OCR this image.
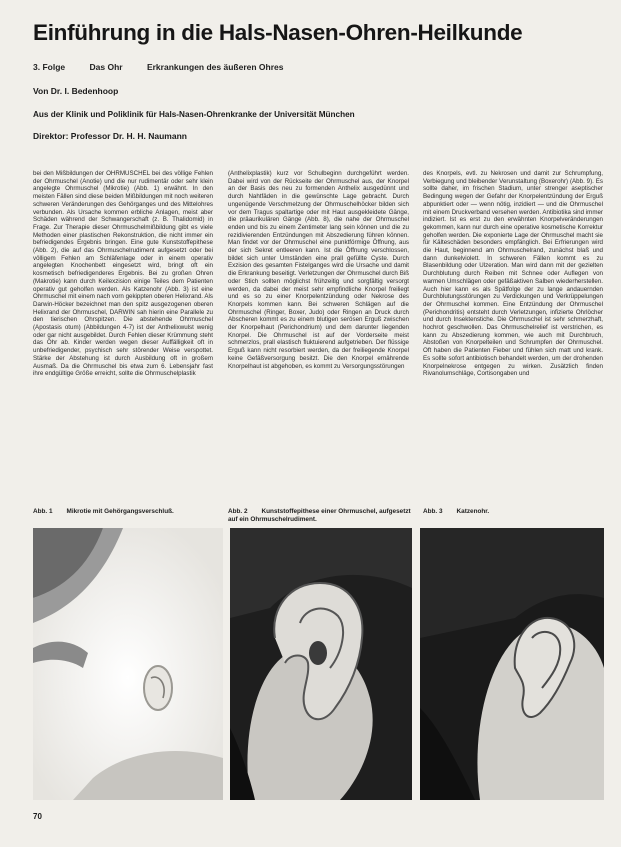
Einführung in die Hals-Nasen-Ohren-Heilkunde
3. Folge	Das Ohr	Erkrankungen des äußeren Ohres
Von Dr. I. Bedenhoop
Aus der Klinik und Poliklinik für Hals-Nasen-Ohrenkranke der Universität München
Direktor: Professor Dr. H. H. Naumann
bei den Mißbildungen der OHRMUSCHEL bei des völlige Fehlen der Ohrmuschel (Anotie) und die nur rudimentär oder sehr klein angelegte Ohrmuschel (Mikrotie) (Abb. 1) erwähnt. In den meisten Fällen sind diese beiden Mißbildungen mit noch weiteren schweren Veränderungen des Gehörganges und des Mittelohres verbunden. Als Ursache kommen erbliche Anlagen, meist aber Schäden während der Schwangerschaft (z. B. Thalidomid) in Frage. Zur Therapie dieser Ohrmuschelmißbildung gibt es viele Methoden einer plastischen Rekonstruktion, die nicht immer ein befriedigendes Ergebnis bringen. Eine gute Kunststoffepithese (Abb. 2), die auf das Ohrmuschelrudiment aufgesetzt oder bei völligem Fehlen am Schläfenlage oder in einem operativ angelegten Knochenbett eingesetzt wird, bringt oft ein kosmetisch befriedigenderes Ergebnis. Bei zu großen Ohren (Makrotie) kann durch Keilexzision einige Teiles dem Patienten operativ gut geholfen werden. Als Katzenohr (Abb. 3) ist eine Ohrmuschel mit einem nach vorn gekippten oberen Helixrand. Als Darwin-Höcker bezeichnet man den spitz ausgezogenen oberen Helixrand der Ohrmuschel, DARWIN sah hierin eine Parallele zu den tierischen Ohrspitzen. Die abstehende Ohrmuschel (Apostasis otum) (Abbildungen 4-7) ist der Anthelixwulst wenig oder gar nicht ausgebildet. Durch Fehlen dieser Krümmung steht das Ohr ab. Kinder werden wegen dieser Auffälligkeit oft in unbefriedigender, psychisch sehr störender Weise verspottet. Stärke der Abstehung ist durch Ausbildung oft in großem Ausmaß. Da die Ohrmuschel bis etwa zum 6. Lebensjahr fast ihre endgültige Größe erreicht, sollte die Ohrmuschelplastik
(Anthelixplastik) kurz vor Schulbeginn durchgeführt werden. Dabei wird von der Rückseite der Ohrmuschel aus, der Knorpel an der Basis des neu zu formenden Anthelix ausgedünnt und durch Nahtfäden in die gewünschte Lage gebracht. Durch ungenügende Verschmelzung der Ohrmuschelhöcker bilden sich vor dem Tragus spaltartige oder mit Haut ausgekleidete Gänge, die präaurikulären Gänge (Abb. 8), die nahe der Ohrmuschel enden und bis zu einem Zentimeter lang sein können und die zu rezidivierenden Entzündungen mit Abszedierung führen können. Man findet vor der Ohrmuschel eine punktförmige Öffnung, aus der sich Sekret entleeren kann. Ist die Öffnung verschlossen, bildet sich unter Umständen eine prall gefüllte Cyste. Durch Exzision des gesamten Fistelganges wird die Ursache und damit die Erkrankung beseitigt. Verletzungen der Ohrmuschel durch Biß oder Stich sollten möglichst frühzeitig und sorgfältig versorgt werden, da dabei der meist sehr empfindliche Knorpel freiliegt und es so zu einer Knorpelentzündung oder Nekrose des Knorpels kommen kann. Bei schweren Schlägen auf die Ohrmuschel (Ringer, Boxer, Judo) oder Ringen an Druck durch Abscheren kommt es zu einem blutigen serösen Erguß zwischen der Knorpelhaut (Perichondrium) und dem darunter liegenden Knorpel. Die Ohrmuschel ist auf der Vorderseite meist schmerzlos, prall elastisch fluktuierend aufgetrieben. Der flüssige Erguß kann nicht resorbiert werden, da der freiliegende Knorpel keine Gefäßversorgung besitzt. Die den Knorpel ernährende Knorpelhaut ist abgehoben, es kommt zu Versorgungsstörungen
des Knorpels, evtl. zu Nekrosen und damit zur Schrumpfung, Verbiegung und bleibender Verunstaltung (Boxerohr) (Abb. 9). Es sollte daher, im frischen Stadium, unter strenger aseptischer Bedingung wegen der Gefahr der Knorpelentzündung der Erguß abpunktiert oder — wenn nötig, inzidiert — und die Ohrmuschel mit einem Druckverband versehen werden. Antibiotika sind immer indiziert. Ist es erst zu den erwähnten Knorpelveränderungen gekommen, kann nur durch eine operative kosmetische Korrektur geholfen werden. Die exponierte Lage der Ohrmuschel macht sie für Kälteschäden besonders empfänglich. Bei Erfrierungen wird die Haut, beginnend am Ohrmuschelrand, zunächst blaß und dann dunkelviolett. In schweren Fällen kommt es zu Blasenbildung oder Ulzeration. Man wird dann mit der gezielten Durchblutung durch Reiben mit Schnee oder Auflegen von warmen Umschlägen oder gefäßaktiven Salben wiederherstellen. Auch hier kann es als Spätfolge der zu lange andauernden Durchblutungsstörungen zu Verdickungen und Verkrüppelungen der Ohrmuschel kommen. Eine Entzündung der Ohrmuschel (Perichondritis) entsteht durch Verletzungen, infizierte Ohrlöcher und durch Insektenstiche. Die Ohrmuschel ist sehr schmerzhaft, hochrot geschwollen. Das Ohrmuschelrelief ist verstrichen, es kann zu Abszedierung kommen, wie auch mit Durchbruch, Abstoßen von Knorpelteilen und Schrumpfen der Ohrmuschel. Oft haben die Patienten Fieber und fühlen sich matt und krank. Es sollte sofort antibiotisch behandelt werden, um der drohenden Knorpelnekrose entgegen zu wirken. Zusätzlich finden Rivanolumschläge, Cortisongaben und
Abb. 1 Mikrotie mit Gehörgangsverschluß.	Abb. 2 Kunststoffepithese einer Ohrmuschel, aufgesetzt auf ein Ohrmuschelrudiment.
Abb. 3 Katzenohr.
70
